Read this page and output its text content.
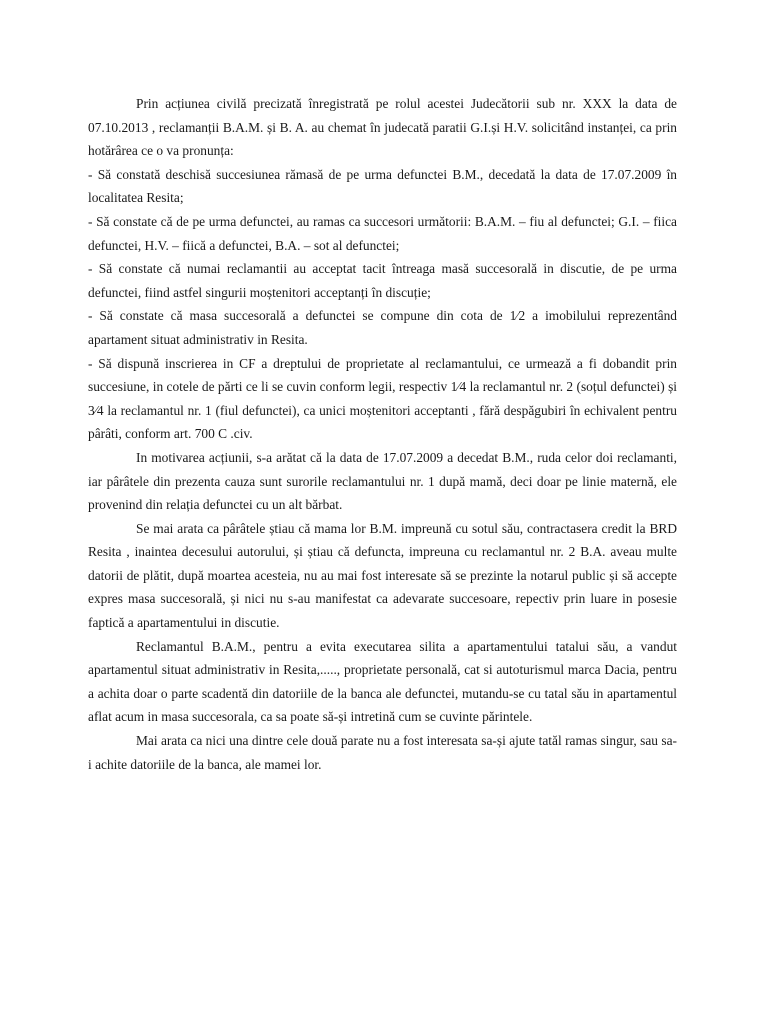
Prin acțiunea civilă precizată înregistrată pe rolul acestei Judecătorii sub nr. XXX la data de 07.10.2013 , reclamanții B.A.M. și B. A. au chemat în judecată paratii G.I.și H.V. solicitând instanței, ca prin hotărârea ce o va pronunța:

- Să constată deschisă succesiunea rămasă de pe urma defunctei B.M., decedată la data de 17.07.2009 în localitatea Resita;

- Să constate că de pe urma defunctei, au ramas ca succesori următorii: B.A.M. – fiu al defunctei; G.I. – fiica defunctei, H.V. – fiică a defunctei, B.A. – sot al defunctei;

- Să constate că numai reclamantii au acceptat tacit întreaga masă succesorală in discutie, de pe urma defunctei, fiind astfel singurii moștenitori acceptanți în discuție;

- Să constate că masa succesorală a defunctei se compune din cota de 1⁄2 a imobilului reprezentând apartament situat administrativ in Resita.

- Să dispună inscrierea in CF a dreptului de proprietate al reclamantului, ce urmează a fi dobandit prin succesiune, in cotele de părti ce li se cuvin conform legii, respectiv 1⁄4 la reclamantul nr. 2 (soțul defunctei) și 3⁄4 la reclamantul nr. 1 (fiul defunctei), ca unici moștenitori acceptanti , fără despăgubiri în echivalent pentru pârâti, conform art. 700 C .civ.

In motivarea acțiunii, s-a arătat că la data de 17.07.2009 a decedat B.M., ruda celor doi reclamanti, iar pârâtele din prezenta cauza sunt surorile reclamantului nr. 1 după mamă, deci doar pe linie maternă, ele provenind din relația defunctei cu un alt bărbat.

Se mai arata ca pârâtele știau că mama lor B.M. impreună cu sotul său, contractasera credit la BRD Resita , inaintea decesului autorului, și știau că defuncta, impreuna cu reclamantul nr. 2 B.A. aveau multe datorii de plătit, după moartea acesteia, nu au mai fost interesate să se prezinte la notarul public și să accepte expres masa succesorală, și nici nu s-au manifestat ca adevarate succesoare, repectiv prin luare in posesie faptică a apartamentului in discutie.

Reclamantul B.A.M., pentru a evita executarea silita a apartamentului tatalui său, a vandut apartamentul situat administrativ in Resita,....., proprietate personală, cat si autoturismul marca Dacia, pentru a achita doar o parte scadentă din datoriile de la banca ale defunctei, mutandu-se cu tatal său in apartamentul aflat acum in masa succesorala, ca sa poate să-și intretină cum se cuvinte părintele.

Mai arata ca nici una dintre cele două parate nu a fost interesata sa-și ajute tatăl ramas singur, sau sa-i achite datoriile de la banca, ale mamei lor.
